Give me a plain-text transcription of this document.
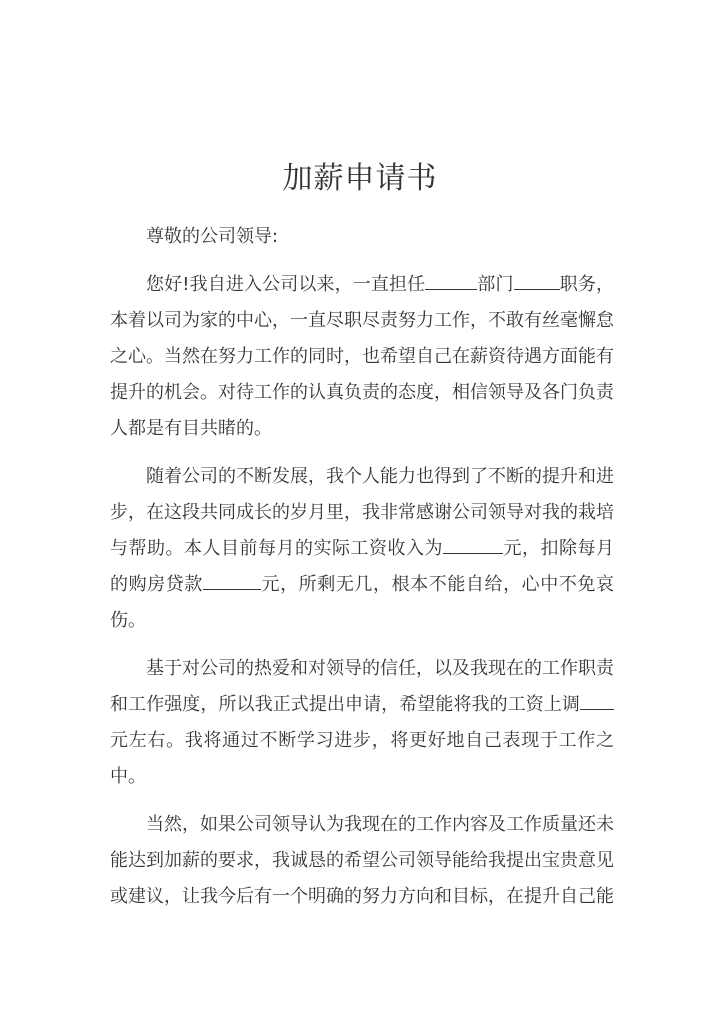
加薪申请书

尊敬的公司领导:

您好!我自进入公司以来，一直担任	部门	职务，本着以司为家的中心，一直尽职尽责努力工作，不敢有丝毫懈怠之心。当然在努力工作的同时，也希望自己在薪资待遇方面能有提升的机会。对待工作的认真负责的态度，相信领导及各门负责人都是有目共睹的。

随着公司的不断发展，我个人能力也得到了不断的提升和进步，在这段共同成长的岁月里，我非常感谢公司领导对我的栽培与帮助。本人目前每月的实际工资收入为	元，扣除每月的购房贷款	元，所剩无几，根本不能自给，心中不免哀伤。

基于对公司的热爱和对领导的信任，以及我现在的工作职责和工作强度，所以我正式提出申请，希望能将我的工资上调元左右。我将通过不断学习进步，将更好地自己表现于工作之中。

当然，如果公司领导认为我现在的工作内容及工作质量还未能达到加薪的要求，我诚恳的希望公司领导能给我提出宝贵意见或建议，让我今后有一个明确的努力方向和目标，在提升自己能
